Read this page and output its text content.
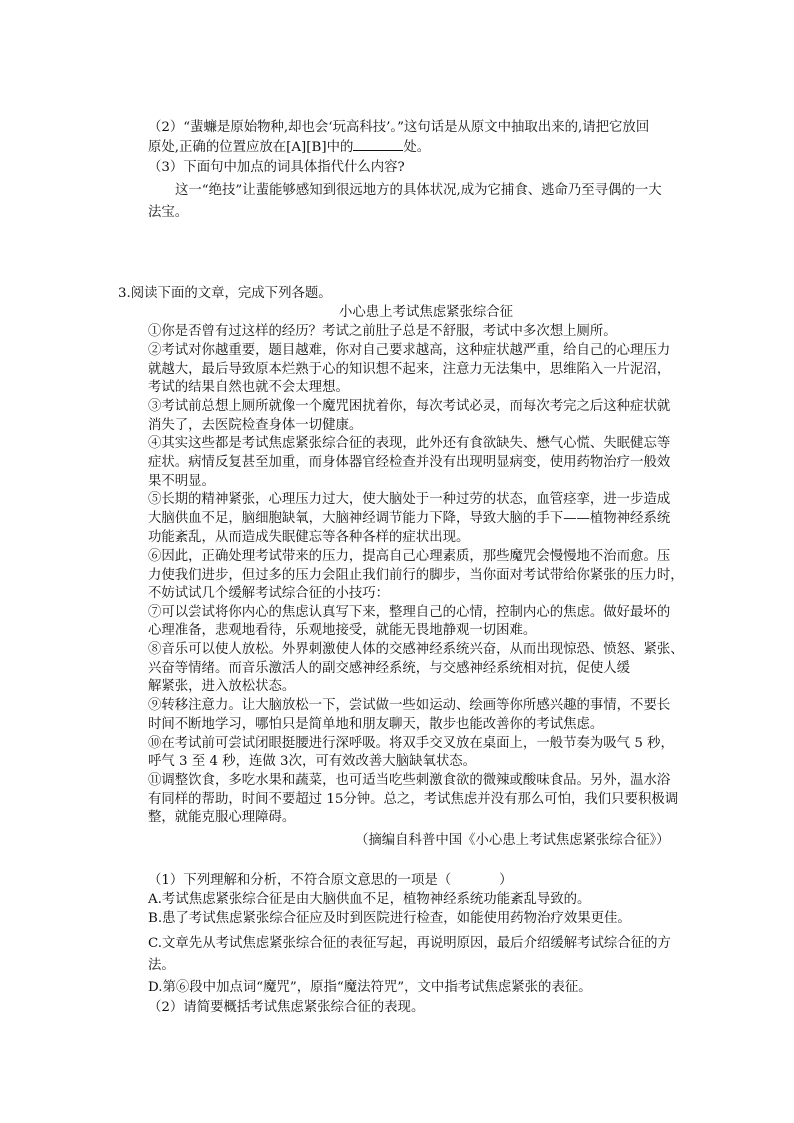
（2）“蜚蠊是原始物种,却也会‘玩高科技’。”这句话是从原文中抽取出来的,请把它放回
原处,正确的位置应放在[A][B]中的	处。
（3）下面句中加点的词具体指代什么内容?
这一“绝技”让蜚能够感知到很远地方的具体状况,成为它捕食、逃命乃至寻偶的一大
法宝。
3.阅读下面的文章，完成下列各题。
小心患上考试焦虑紧张综合征
①你是否曾有过这样的经历？考试之前肚子总是不舒服，考试中多次想上厕所。
②考试对你越重要，题目越难，你对自己要求越高，这种症状越严重，给自己的心理压力
就越大，最后导致原本烂熟于心的知识想不起来，注意力无法集中，思维陷入一片泥沼，
考试的结果自然也就不会太理想。
③考试前总想上厕所就像一个魔咒困扰着你，每次考试必灵，而每次考完之后这种症状就
消失了，去医院检查身体一切健康。
④其实这些都是考试焦虑紧张综合征的表现，此外还有食欲缺失、懋气心慌、失眠健忘等
症状。病情反复甚至加重，而身体器官经检查并没有出现明显病变，使用药物治疗一般效
果不明显。
⑤长期的精神紧张，心理压力过大，使大脑处于一种过劳的状态，血管痉挛，进一步造成
大脑供血不足，脑细胞缺氧，大脑神经调节能力下降，导致大脑的手下——植物神经系统
功能紊乱，从而造成失眠健忘等各种各样的症状出现。
⑥因此，正确处理考试带来的压力，提高自己心理素质，那些魔咒会慢慢地不治而愈。压
力使我们进步，但过多的压力会阻止我们前行的脚步，当你面对考试带给你紧张的压力时，
不妨试试几个缓解考试综合征的小技巧：
⑦可以尝试将你内心的焦虑认真写下来，整理自己的心情，控制内心的焦虑。做好最坏的
心理准备，悲观地看待，乐观地接受，就能无畏地静观一切困难。
⑧音乐可以使人放松。外界刺激使人体的交感神经系统兴奋，从而出现惊恐、愤怒、紧张、
兴奋等情绪。而音乐激活人的副交感神经系统，与交感神经系统相对抗，促使人缓
解紧张，进入放松状态。
⑨转移注意力。让大脑放松一下，尝试做一些如运动、绘画等你所感兴趣的事情，不要长
时间不断地学习，哪怕只是简单地和朋友聊天，散步也能改善你的考试焦虑。
⑩在考试前可尝试闭眼挺腰进行深呼吸。将双手交叉放在桌面上，一般节奏为吸气 5 秒，
呼气 3 至 4 秒，连做 3次，可有效改善大脑缺氧状态。
⑪调整饮食，多吃水果和蔬菜，也可适当吃些刺激食欲的微辣或酸味食品。另外，温水浴
有同样的帮助，时间不要超过 15分钟。总之，考试焦虑并没有那么可怕，我们只要积极调
整，就能克服心理障碍。
（摘编自科普中国《小心患上考试焦虑紧张综合征》）
（1）下列理解和分析，不符合原文意思的一项是（	）
A.考试焦虑紧张综合征是由大脑供血不足，植物神经系统功能紊乱导致的。
B.患了考试焦虑紧张综合征应及时到医院进行检查，如能使用药物治疗效果更佳。
C.文章先从考试焦虑紧张综合征的表征写起，再说明原因，最后介绍缓解考试综合征的方
法。
D.第⑥段中加点词“魔咒”，原指“魔法符咒”，文中指考试焦虑紧张的表征。
（2）请简要概括考试焦虑紧张综合征的表现。
